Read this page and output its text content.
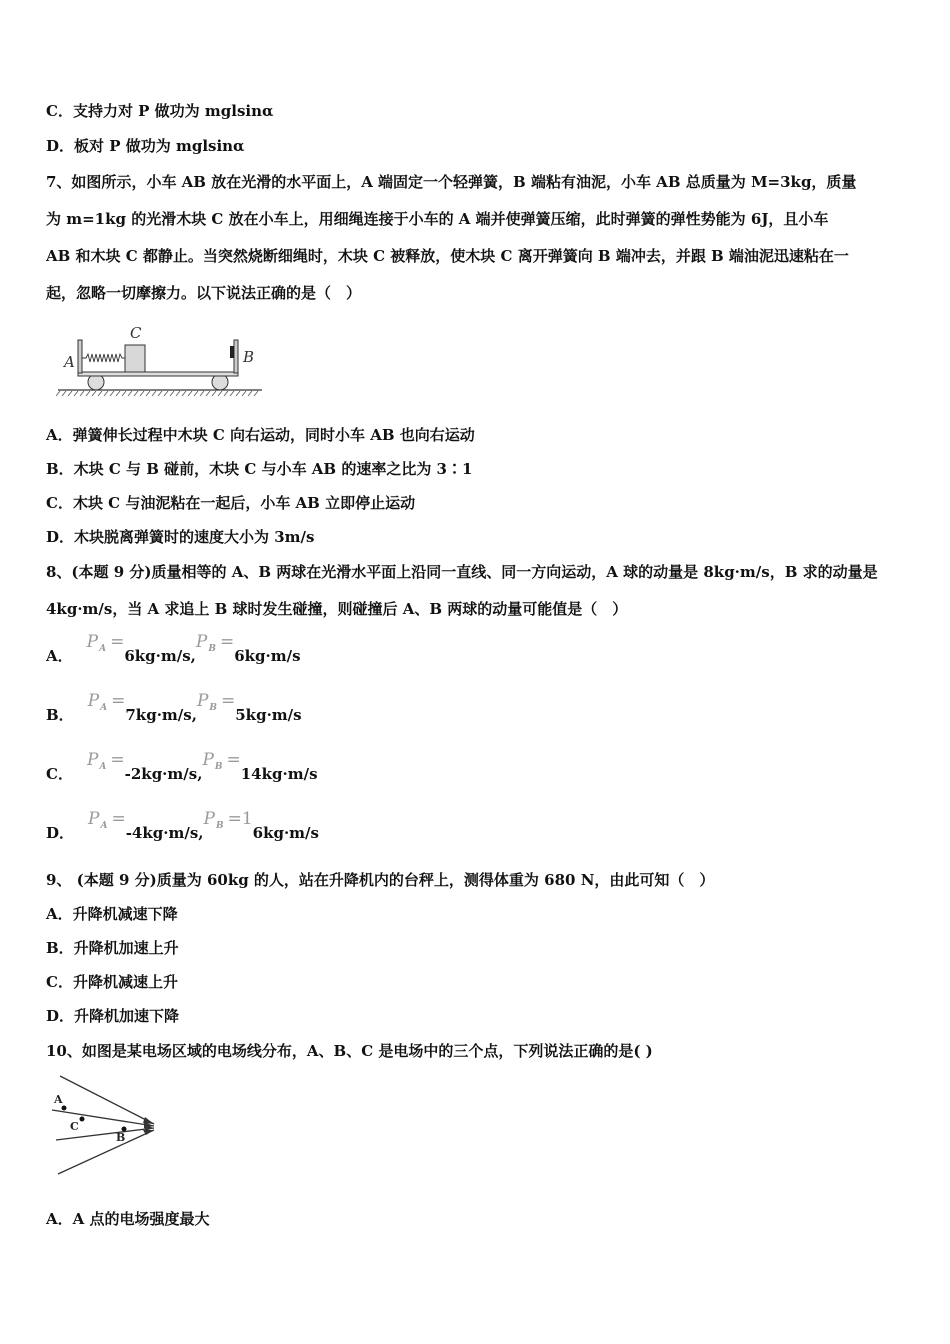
C．支持力对 P 做功为 mglsinα
D．板对 P 做功为 mglsinα
7、如图所示，小车 AB 放在光滑的水平面上，A 端固定一个轻弹簧，B 端粘有油泥，小车 AB 总质量为 M=3kg，质量
为 m=1kg 的光滑木块 C 放在小车上，用细绳连接于小车的 A 端并使弹簧压缩，此时弹簧的弹性势能为 6J，且小车
AB 和木块 C 都静止。当突然烧断细绳时，木块 C 被释放，使木块 C 离开弹簧向 B 端冲去，并跟 B 端油泥迅速粘在一
起，忽略一切摩擦力。以下说法正确的是（　）
A
C
B
A．弹簧伸长过程中木块 C 向右运动，同时小车 AB 也向右运动
B．木块 C 与 B 碰前，木块 C 与小车 AB 的速率之比为 3∶1
C．木块 C 与油泥粘在一起后，小车 AB 立即停止运动
D．木块脱离弹簧时的速度大小为 3m/s
8、(本题 9 分)质量相等的 A、B 两球在光滑水平面上沿同一直线、同一方向运动，A 球的动量是 8kg·m/s，B 求的动量是
4kg·m/s，当 A 求追上 B 球时发生碰撞，则碰撞后 A、B 两球的动量可能值是（　）
A．$P_A =6kg\cdot m/s,P_B =6kg\cdot m/s$
B．$P_A =7kg\cdot m/s,P_B =5kg\cdot m/s$
C．$P_A =-2kg\cdot m/s,P_B =14kg\cdot m/s$
D．$P_A =-4kg\cdot m/s,P_B =16kg\cdot m/s$
9、 (本题 9 分)质量为 60kg 的人，站在升降机内的台秤上，测得体重为 680 N，由此可知（　）
A．升降机减速下降
B．升降机加速上升
C．升降机减速上升
D．升降机加速下降
10、如图是某电场区域的电场线分布，A、B、C 是电场中的三个点，下列说法正确的是( )
A
C
B
A．A 点的电场强度最大
